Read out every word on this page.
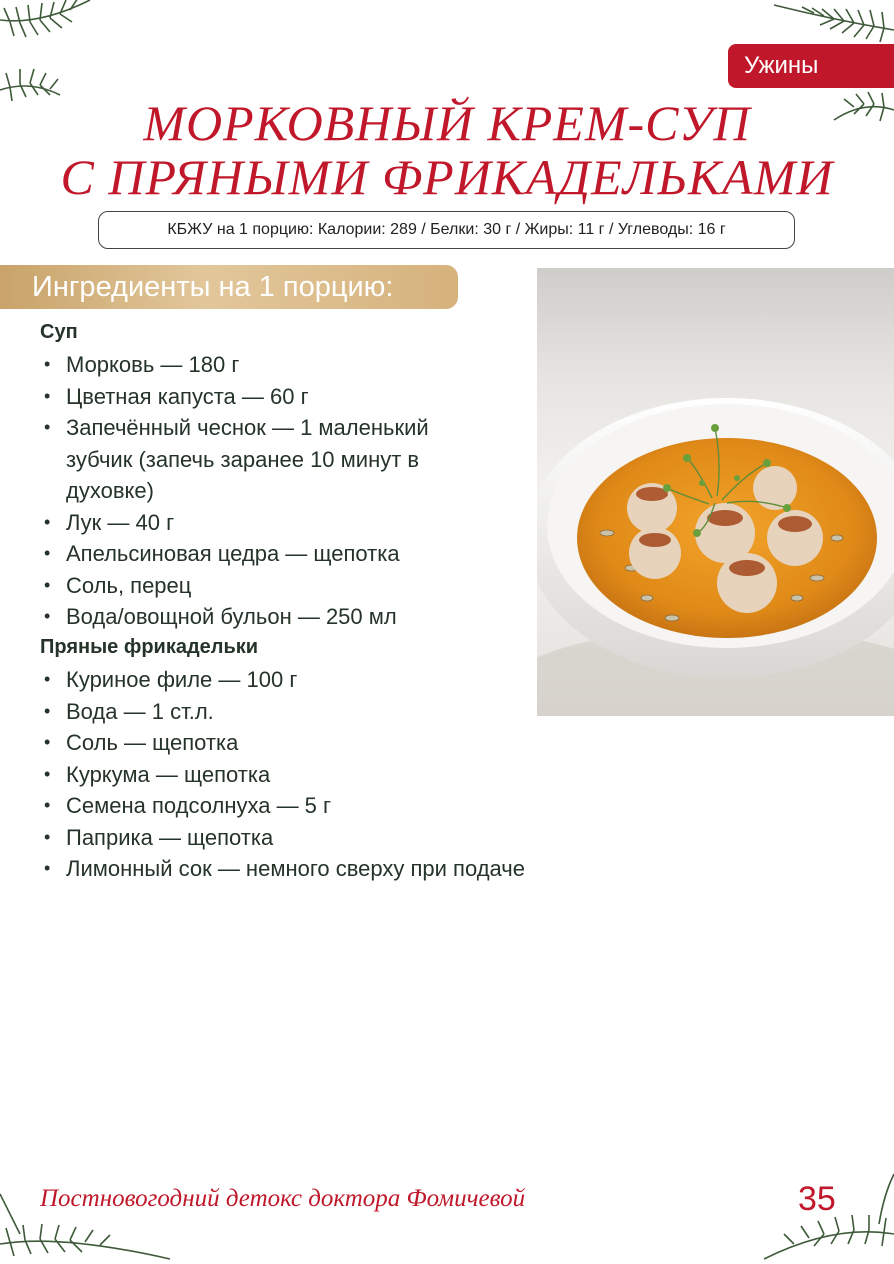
Ужины
МОРКОВНЫЙ КРЕМ-СУП
С ПРЯНЫМИ ФРИКАДЕЛЬКАМИ
КБЖУ на 1 порцию: Калории: 289 / Белки: 30 г / Жиры: 11 г / Углеводы: 16 г
Ингредиенты на 1 порцию:
Суп
• Морковь — 180 г
• Цветная капуста — 60 г
• Запечённый чеснок — 1 маленький зубчик (запечь заранее 10 минут в духовке)
• Лук — 40 г
• Апельсиновая цедра — щепотка
• Соль, перец
• Вода/овощной бульон — 250 мл
Пряные фрикадельки
• Куриное филе — 100 г
• Вода — 1 ст.л.
• Соль — щепотка
• Куркума — щепотка
• Семена подсолнуха — 5 г
• Паприка — щепотка
• Лимонный сок — немного сверху при подаче
Постновогодний детокс доктора Фомичевой	35
